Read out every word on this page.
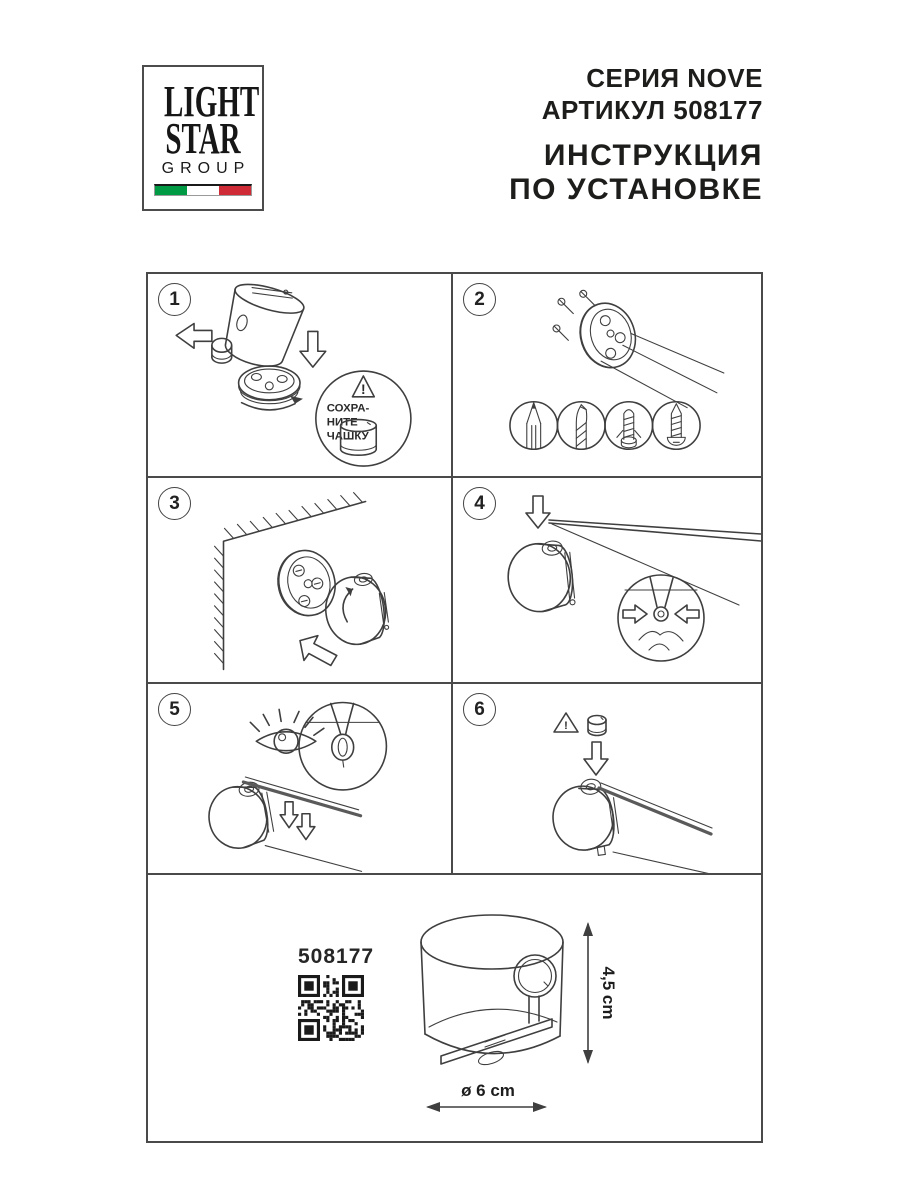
LIGHT
STAR
GROUP
СЕРИЯ NOVE
АРТИКУЛ 508177
ИНСТРУКЦИЯ
ПО УСТАНОВКЕ
1
!
СОХРА-
НИТЕ
ЧАШКУ
2
3	4
5	6
!
508177
4,5 cm
ø 6 cm
